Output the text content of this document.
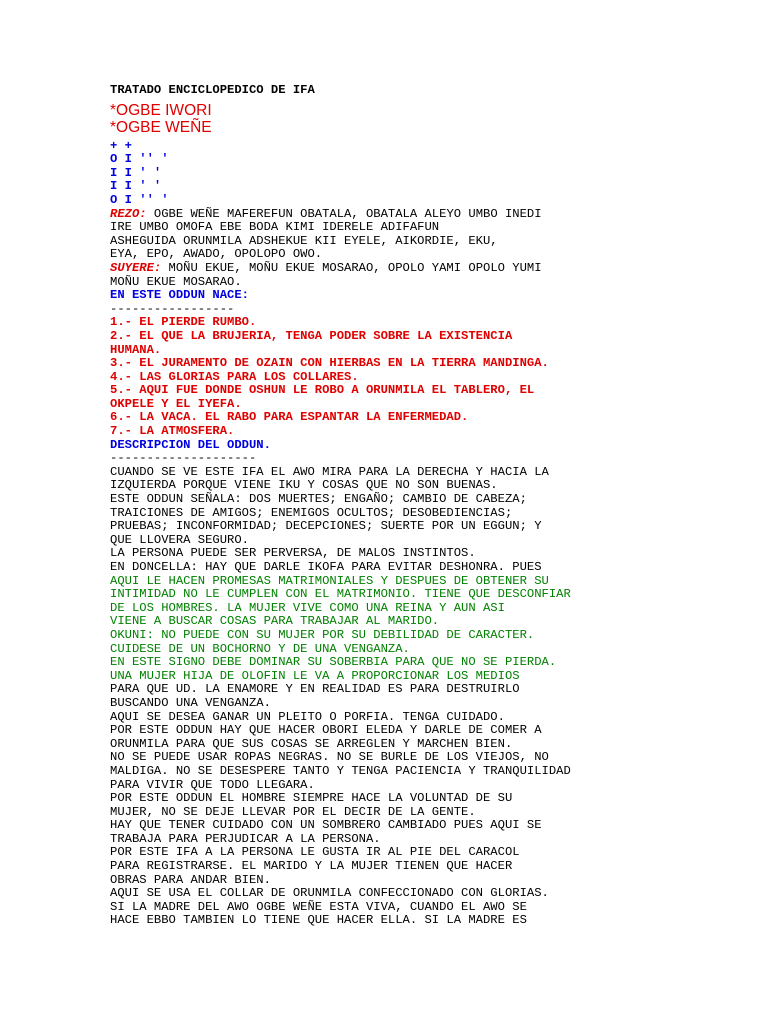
TRATADO ENCICLOPEDICO DE IFA
*OGBE IWORI
*OGBE WEÑE
+ +
O I '' '
I I ' '
I I ' '
O I '' '
REZO: OGBE WEÑE MAFEREFUN OBATALA, OBATALA ALEYO UMBO INEDI
IRE UMBO OMOFA EBE BODA KIMI IDERELE ADIFAFUN
ASHEGUIDA ORUNMILA ADSHEKUE KII EYELE, AIKORDIE, EKU,
EYA, EPO, AWADO, OPOLOPO OWO.
SUYERE: MOÑU EKUE, MOÑU EKUE MOSARAO, OPOLO YAMI OPOLO YUMI
MOÑU EKUE MOSARAO.
EN ESTE ODDUN NACE:
-----------------
1.- EL PIERDE RUMBO.
2.- EL QUE LA BRUJERIA, TENGA PODER SOBRE LA EXISTENCIA
HUMANA.
3.- EL JURAMENTO DE OZAIN CON HIERBAS EN LA TIERRA MANDINGA.
4.- LAS GLORIAS PARA LOS COLLARES.
5.- AQUI FUE DONDE OSHUN LE ROBO A ORUNMILA EL TABLERO, EL
OKPELE Y EL IYEFA.
6.- LA VACA. EL RABO PARA ESPANTAR LA ENFERMEDAD.
7.- LA ATMOSFERA.
DESCRIPCION DEL ODDUN.
--------------------
CUANDO SE VE ESTE IFA EL AWO MIRA PARA LA DERECHA Y HACIA LA
IZQUIERDA PORQUE VIENE IKU Y COSAS QUE NO SON BUENAS.
ESTE ODDUN SEÑALA: DOS MUERTES; ENGAÑO; CAMBIO DE CABEZA;
TRAICIONES DE AMIGOS; ENEMIGOS OCULTOS; DESOBEDIENCIAS;
PRUEBAS; INCONFORMIDAD; DECEPCIONES; SUERTE POR UN EGGUN; Y
QUE LLOVERA SEGURO.
LA PERSONA PUEDE SER PERVERSA, DE MALOS INSTINTOS.
EN DONCELLA: HAY QUE DARLE IKOFA PARA EVITAR DESHONRA. PUES
AQUI LE HACEN PROMESAS MATRIMONIALES Y DESPUES DE OBTENER SU
INTIMIDAD NO LE CUMPLEN CON EL MATRIMONIO. TIENE QUE DESCONFIAR
DE LOS HOMBRES. LA MUJER VIVE COMO UNA REINA Y AUN ASI
VIENE A BUSCAR COSAS PARA TRABAJAR AL MARIDO.
OKUNI: NO PUEDE CON SU MUJER POR SU DEBILIDAD DE CARACTER.
CUIDESE DE UN BOCHORNO Y DE UNA VENGANZA.
EN ESTE SIGNO DEBE DOMINAR SU SOBERBIA PARA QUE NO SE PIERDA.
UNA MUJER HIJA DE OLOFIN LE VA A PROPORCIONAR LOS MEDIOS
PARA QUE UD. LA ENAMORE Y EN REALIDAD ES PARA DESTRUIRLO
BUSCANDO UNA VENGANZA.
AQUI SE DESEA GANAR UN PLEITO O PORFIA. TENGA CUIDADO.
POR ESTE ODDUN HAY QUE HACER OBORI ELEDA Y DARLE DE COMER A
ORUNMILA PARA QUE SUS COSAS SE ARREGLEN Y MARCHEN BIEN.
NO SE PUEDE USAR ROPAS NEGRAS. NO SE BURLE DE LOS VIEJOS, NO
MALDIGA. NO SE DESESPERE TANTO Y TENGA PACIENCIA Y TRANQUILIDAD
PARA VIVIR QUE TODO LLEGARA.
POR ESTE ODDUN EL HOMBRE SIEMPRE HACE LA VOLUNTAD DE SU
MUJER, NO SE DEJE LLEVAR POR EL DECIR DE LA GENTE.
HAY QUE TENER CUIDADO CON UN SOMBRERO CAMBIADO PUES AQUI SE
TRABAJA PARA PERJUDICAR A LA PERSONA.
POR ESTE IFA A LA PERSONA LE GUSTA IR AL PIE DEL CARACOL
PARA REGISTRARSE. EL MARIDO Y LA MUJER TIENEN QUE HACER
OBRAS PARA ANDAR BIEN.
AQUI SE USA EL COLLAR DE ORUNMILA CONFECCIONADO CON GLORIAS.
SI LA MADRE DEL AWO OGBE WEÑE ESTA VIVA, CUANDO EL AWO SE
HACE EBBO TAMBIEN LO TIENE QUE HACER ELLA. SI LA MADRE ES
